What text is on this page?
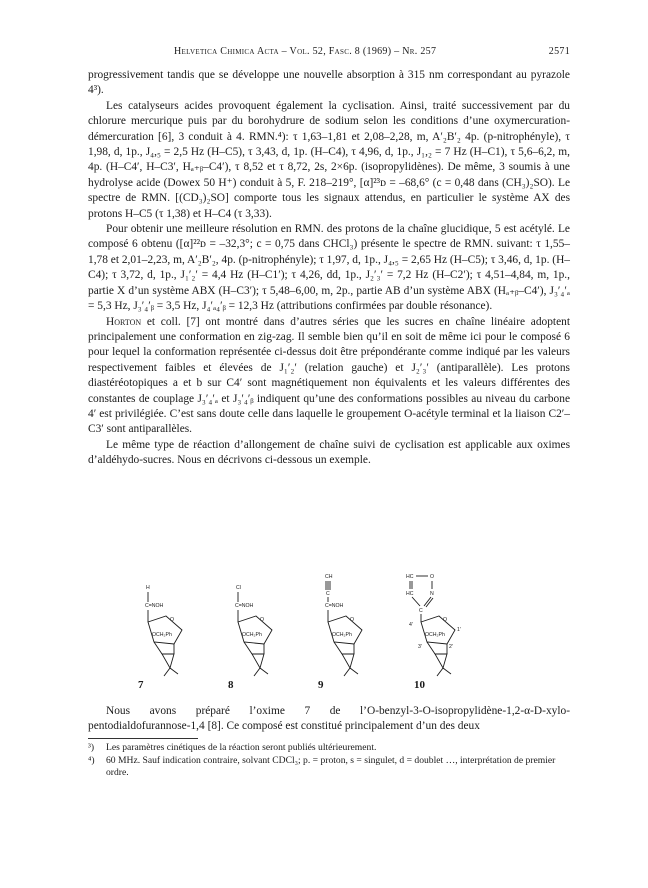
Helvetica Chimica Acta – Vol. 52, Fasc. 8 (1969) – Nr. 257	2571

progressivement tandis que se développe une nouvelle absorption à 315 nm correspondant au pyrazole 4³).

Les catalyseurs acides provoquent également la cyclisation. Ainsi, traité successivement par du chlorure mercurique puis par du borohydrure de sodium selon les conditions d’une oxymercuration-démercuration [6], 3 conduit à 4. RMN.⁴): τ 1,63–1,81 et 2,08–2,28, m, A′₂B′₂ 4p. (p-nitrophényle), τ 1,98, d, 1p., J₄,₅ = 2,5 Hz (H–C5), τ 3,43, d, 1p. (H–C4), τ 4,96, d, 1p., J₁,₂ = 7 Hz (H–C1), τ 5,6–6,2, m, 4p. (H–C4′, H–C3′, Hₐ₊ᵦ–C4′), τ 8,52 et τ 8,72, 2s, 2×6p. (isopropylidènes). De même, 3 soumis à une hydrolyse acide (Dowex 50 H⁺) conduit à 5, F. 218–219°, [α]²³ᴅ = –68,6° (c = 0,48 dans (CH₃)₂SO). Le spectre de RMN. [(CD₃)₂SO] comporte tous les signaux attendus, en particulier le système AX des protons H–C5 (τ 1,38) et H–C4 (τ 3,33).

Pour obtenir une meilleure résolution en RMN. des protons de la chaîne glucidique, 5 est acétylé. Le composé 6 obtenu ([α]²²ᴅ = –32,3°; c = 0,75 dans CHCl₃) présente le spectre de RMN. suivant: τ 1,55–1,78 et 2,01–2,23, m, A′₂B′₂, 4p. (p-nitrophényle); τ 1,97, d, 1p., J₄,₅ = 2,65 Hz (H–C5); τ 3,46, d, 1p. (H–C4); τ 3,72, d, 1p., J₁′₂′ = 4,4 Hz (H–C1′); τ 4,26, dd, 1p., J₂′₃′ = 7,2 Hz (H–C2′); τ 4,51–4,84, m, 1p., partie X d’un système ABX (H–C3′); τ 5,48–6,00, m, 2p., partie AB d’un système ABX (Hₐ₊ᵦ–C4′), J₃′₄′ₐ = 5,3 Hz, J₃′₄′ᵦ = 3,5 Hz, J₄′ₐ₄′ᵦ = 12,3 Hz (attributions confirmées par double résonance).

Horton et coll. [7] ont montré dans d’autres séries que les sucres en chaîne linéaire adoptent principalement une conformation en zig-zag. Il semble bien qu’il en soit de même ici pour le composé 6 pour lequel la conformation représentée ci-dessus doit être prépondérante comme indiqué par les valeurs respectivement faibles et élevées de J₁′₂′ (relation gauche) et J₂′₃′ (antiparallèle). Les protons diastéréotopiques a et b sur C4′ sont magnétiquement non équivalents et les valeurs différentes des constantes de couplage J₃′₄′ₐ et J₃′₄′ᵦ indiquent qu’une des conformations possibles au niveau du carbone 4′ est privilégiée. C’est sans doute celle dans laquelle le groupement O-acétyle terminal et la liaison C2′–C3′ sont antiparallèles.

Le même type de réaction d’allongement de chaîne suivi de cyclisation est applicable aux oximes d’aldéhydo-sucres. Nous en décrivons ci-dessous un exemple.

H
C=NOH
O
OCH₂Ph
7
Cl
C=NOH
O
OCH₂Ph
8
CH
C
C=NOH
O
OCH₂Ph
9
HC	O
HC	N
C
4′
O
1′
OCH₂Ph
3′	2′
10

Nous avons préparé l’oxime 7 de l’O-benzyl-3-O-isopropylidène-1,2-α-D-xylo-pentodialdofurannose-1,4 [8]. Ce composé est constitué principalement d’un des deux

³)	Les paramètres cinétiques de la réaction seront publiés ultérieurement.
⁴)	60 MHz. Sauf indication contraire, solvant CDCl₃; p. = proton, s = singulet, d = doublet …, interprétation de premier ordre.
